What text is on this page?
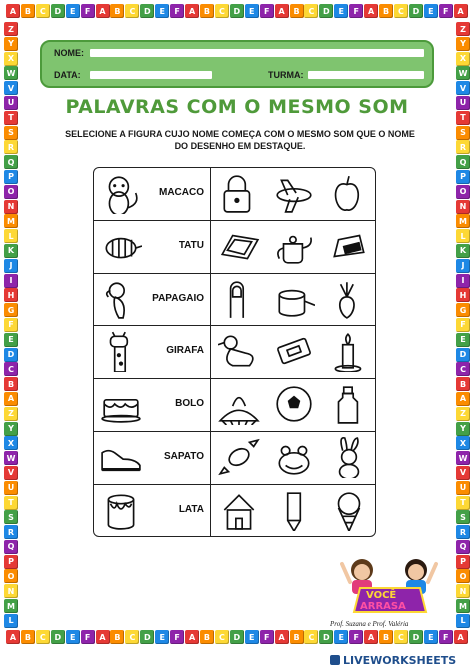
A	B	C	D	E	F	A	B	C	D	E	F	A	B	C	D	E	F	A	B	C	D	E	F	A	B	C	D	E	F	A
A	B	C	D	E	F	A	B	C	D	E	F	A	B	C	D	E	F	A	B	C	D	E	F	A	B	C	D	E	F	A
Z
Y
X
W
V
U
T
S
R
Q
P
O
N
M
L
K
J
I
H
G
F
E
D
C
B
A
Z
Y
X
W
V
U
T
S
R
Q
P
O
N
M
L
Z
Y
X
W
V
U
T
S
R
Q
P
O
N
M
L
K
J
I
H
G
F
E
D
C
B
A
Z
Y
X
W
V
U
T
S
R
Q
P
O
N
M
L
NOME:
DATA:	TURMA:
PALAVRAS COM O MESMO SOM
SELECIONE A FIGURA CUJO NOME COMEÇA COM O MESMO SOM QUE O NOME DO DESENHO EM DESTAQUE.
VOCÊ
ARRASA
Prof. Suzana e Prof. Valéria
LIVEWORKSHEETS
MACACO
TATU
PAPAGAIO
GIRAFA
BOLO
SAPATO
LATA
